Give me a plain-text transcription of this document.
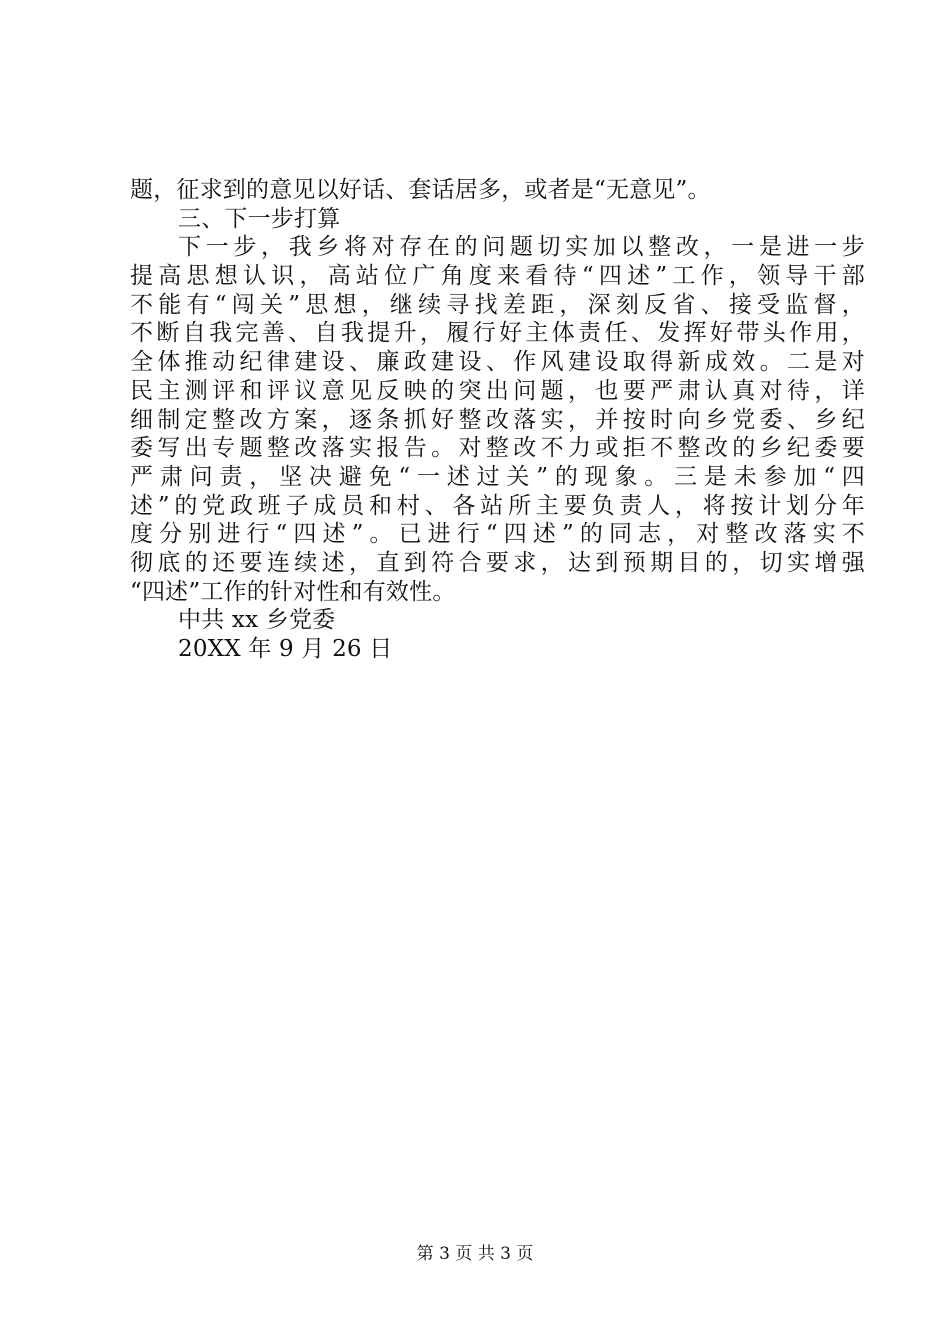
题，征求到的意见以好话、套话居多，或者是“无意见”。
三、下一步打算
下一步，我乡将对存在的问题切实加以整改，一是进一步
提高思想认识，高站位广角度来看待“四述”工作，领导干部
不能有“闯关”思想，继续寻找差距，深刻反省、接受监督，
不断自我完善、自我提升，履行好主体责任、发挥好带头作用，
全体推动纪律建设、廉政建设、作风建设取得新成效。二是对
民主测评和评议意见反映的突出问题，也要严肃认真对待，详
细制定整改方案，逐条抓好整改落实，并按时向乡党委、乡纪
委写出专题整改落实报告。对整改不力或拒不整改的乡纪委要
严肃问责，坚决避免“一述过关”的现象。三是未参加“四
述”的党政班子成员和村、各站所主要负责人，将按计划分年
度分别进行“四述”。已进行“四述”的同志，对整改落实不
彻底的还要连续述，直到符合要求，达到预期目的，切实增强
“四述”工作的针对性和有效性。
中共 xx 乡党委
20XX 年 9 月 26 日
第 3 页 共 3 页
